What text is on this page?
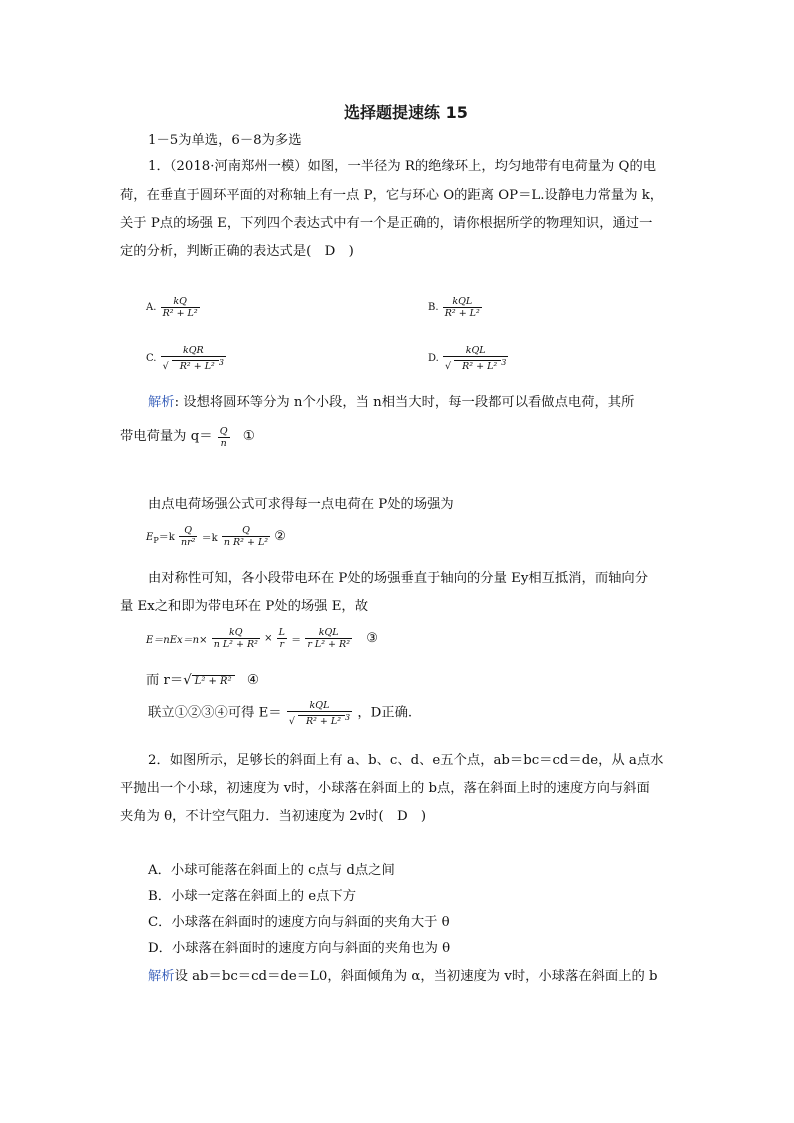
选择题提速练 15
1－5为单选，6－8为多选
1．（2018·河南郑州一模）如图，一半径为 R的绝缘环上，均匀地带有电荷量为 Q的电
荷，在垂直于圆环平面的对称轴上有一点 P，它与环心 O的距离 OP＝L.设静电力常量为 k，
关于 P点的场强 E，下列四个表达式中有一个是正确的，请你根据所学的物理知识，通过一
定的分析，判断正确的表达式是(　D　)
A. $\frac{kQ}{\text{R² + L²}}$	B. $\frac{\text{kQL}}{\text{R² + L²}}$
C. $\frac{\text{kQR}}{√ R^2 + L^2 ^3}$	D. $\frac{\text{kQL}}{√ R^2 + L^2 ^3}$
解析: 设想将圆环等分为 n个小段，当 n相当大时，每一段都可以看做点电荷，其所
带电荷量为 $q= \frac{Q}{n}$ ①
由点电荷场强公式可求得每一点电荷在 P处的场强为
$E_P=k \frac{Q}{\text{nr²}} =k \frac{Q}{\text{n R² + L²}}$ ②
由对称性可知，各小段带电环在 P处的场强垂直于轴向的分量 Ey相互抵消，而轴向分
量 Ex之和即为带电环在 P处的场强 E，故
$E=nEx=n\times \frac{kQ}{\text{n L² + R²}} \times \frac{L}{r} = \frac{\text{kQL}}{\text{r L² + R²}}$ ③
而 r＝√ L² + R² ④
联立①②③④可得 $E= \frac{\text{kQL}}{√ R^2 + L^2 ^3}$ ，D正确.
2．如图所示，足够长的斜面上有 a、b、c、d、e五个点，ab＝bc＝cd＝de，从 a点水
平抛出一个小球，初速度为 v时，小球落在斜面上的 b点，落在斜面上时的速度方向与斜面
夹角为 θ，不计空气阻力．当初速度为 2v时(　D　)
A．小球可能落在斜面上的 c点与 d点之间
B．小球一定落在斜面上的 e点下方
C．小球落在斜面时的速度方向与斜面的夹角大于 θ
D．小球落在斜面时的速度方向与斜面的夹角也为 θ
解析设 ab＝bc＝cd＝de＝L0，斜面倾角为 α，当初速度为 v时，小球落在斜面上的 b
